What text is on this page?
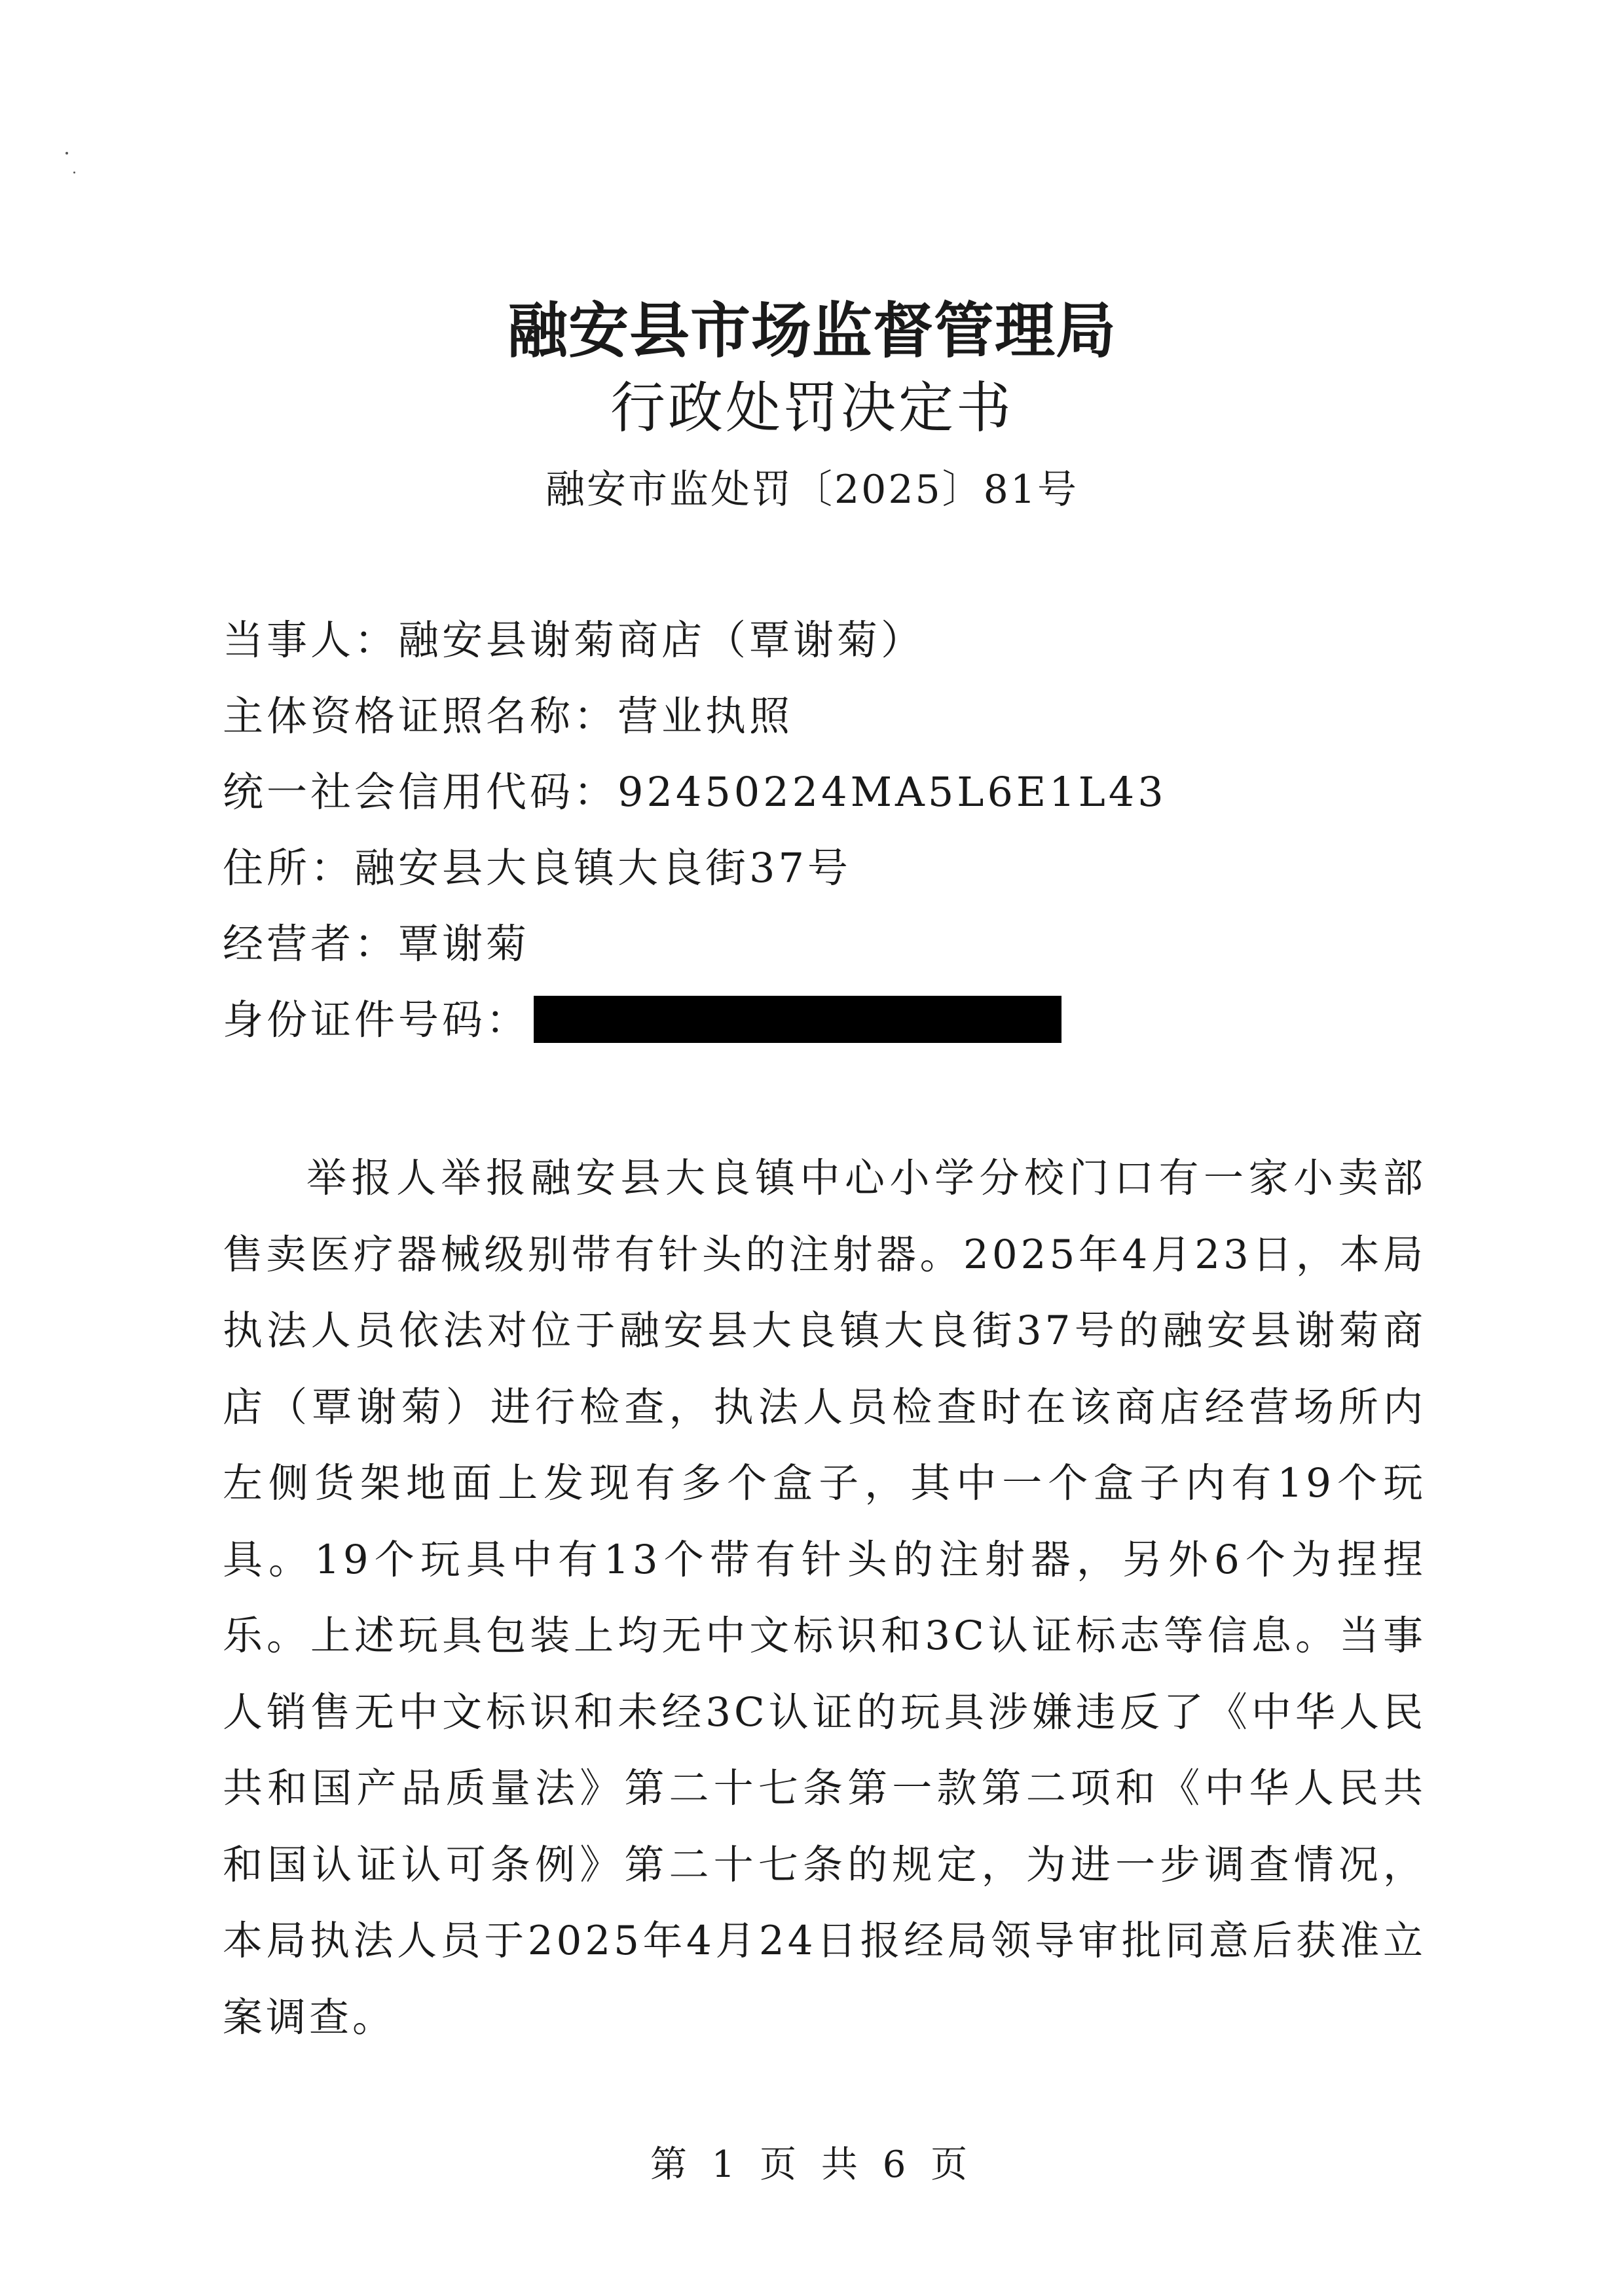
融安县市场监督管理局
行政处罚决定书
融安市监处罚〔2025〕81号
当事人：融安县谢菊商店（覃谢菊）
主体资格证照名称：营业执照
统一社会信用代码：92450224MA5L6E1L43
住所：融安县大良镇大良街37号
经营者：覃谢菊
身份证件号码：
举报人举报融安县大良镇中心小学分校门口有一家小卖部售卖医疗器械级别带有针头的注射器。2025年4月23日，本局执法人员依法对位于融安县大良镇大良街37号的融安县谢菊商店（覃谢菊）进行检查，执法人员检查时在该商店经营场所内左侧货架地面上发现有多个盒子，其中一个盒子内有19个玩具。19个玩具中有13个带有针头的注射器，另外6个为捏捏乐。上述玩具包装上均无中文标识和3C认证标志等信息。当事人销售无中文标识和未经3C认证的玩具涉嫌违反了《中华人民共和国产品质量法》第二十七条第一款第二项和《中华人民共和国认证认可条例》第二十七条的规定，为进一步调查情况，本局执法人员于2025年4月24日报经局领导审批同意后获准立案调查。
第 1 页 共 6 页
